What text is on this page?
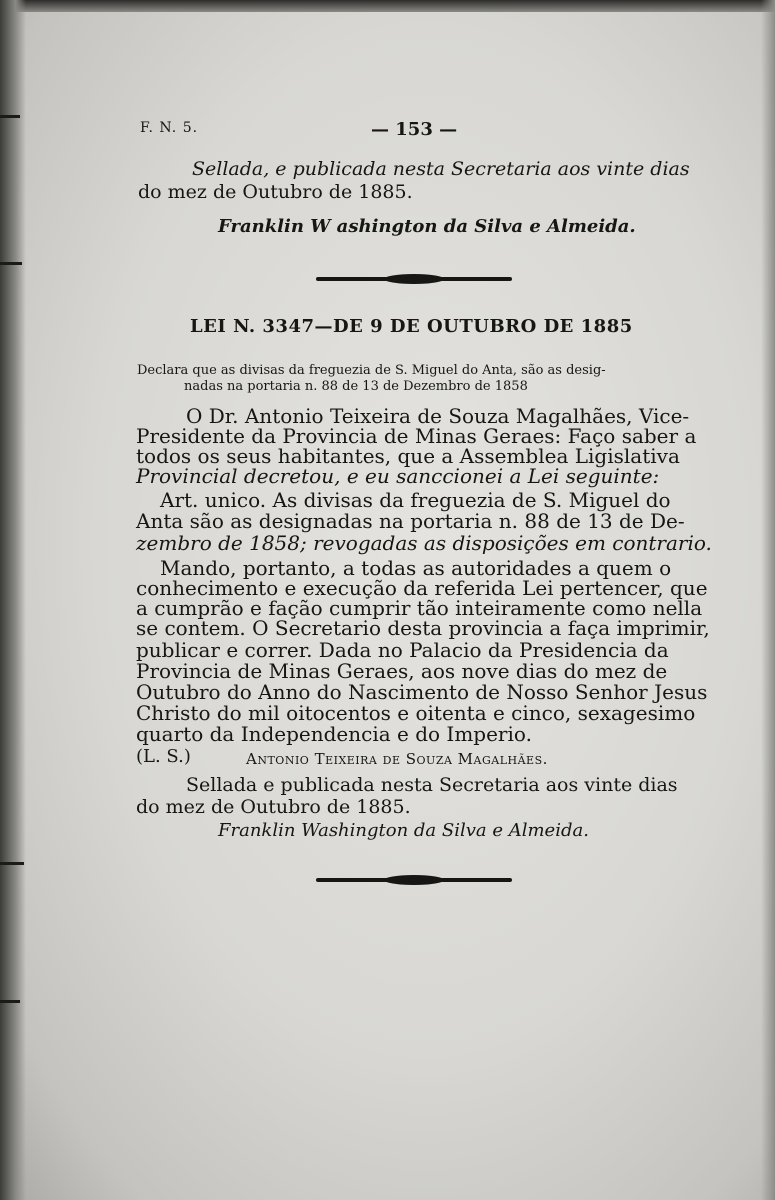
F. N. 5.	— 153 —
Sellada, e publicada nesta Secretaria aos vinte dias
do mez de Outubro de 1885.
Franklin W ashington da Silva e Almeida.
LEI N. 3347—DE 9 DE OUTUBRO DE 1885
Declara que as divisas da freguezia de S. Miguel do Anta, são as desig-
nadas na portaria n. 88 de 13 de Dezembro de 1858
O Dr. Antonio Teixeira de Souza Magalhães, Vice-
Presidente da Provincia de Minas Geraes: Faço saber a
todos os seus habitantes, que a Assemblea Ligislativa
Provincial decretou, e eu sanccionei a Lei seguinte:
Art. unico. As divisas da freguezia de S. Miguel do
Anta são as designadas na portaria n. 88 de 13 de De-
zembro de 1858; revogadas as disposições em contrario.
Mando, portanto, a todas as autoridades a quem o
conhecimento e execução da referida Lei pertencer, que
a cumprão e fação cumprir tão inteiramente como nella
se contem. O Secretario desta provincia a faça imprimir,
publicar e correr. Dada no Palacio da Presidencia da
Provincia de Minas Geraes, aos nove dias do mez de
Outubro do Anno do Nascimento de Nosso Senhor Jesus
Christo do mil oitocentos e oitenta e cinco, sexagesimo
quarto da Independencia e do Imperio.
(L. S.)	Antonio Teixeira de Souza Magalhães.
Sellada e publicada nesta Secretaria aos vinte dias
do mez de Outubro de 1885.
Franklin Washington da Silva e Almeida.
